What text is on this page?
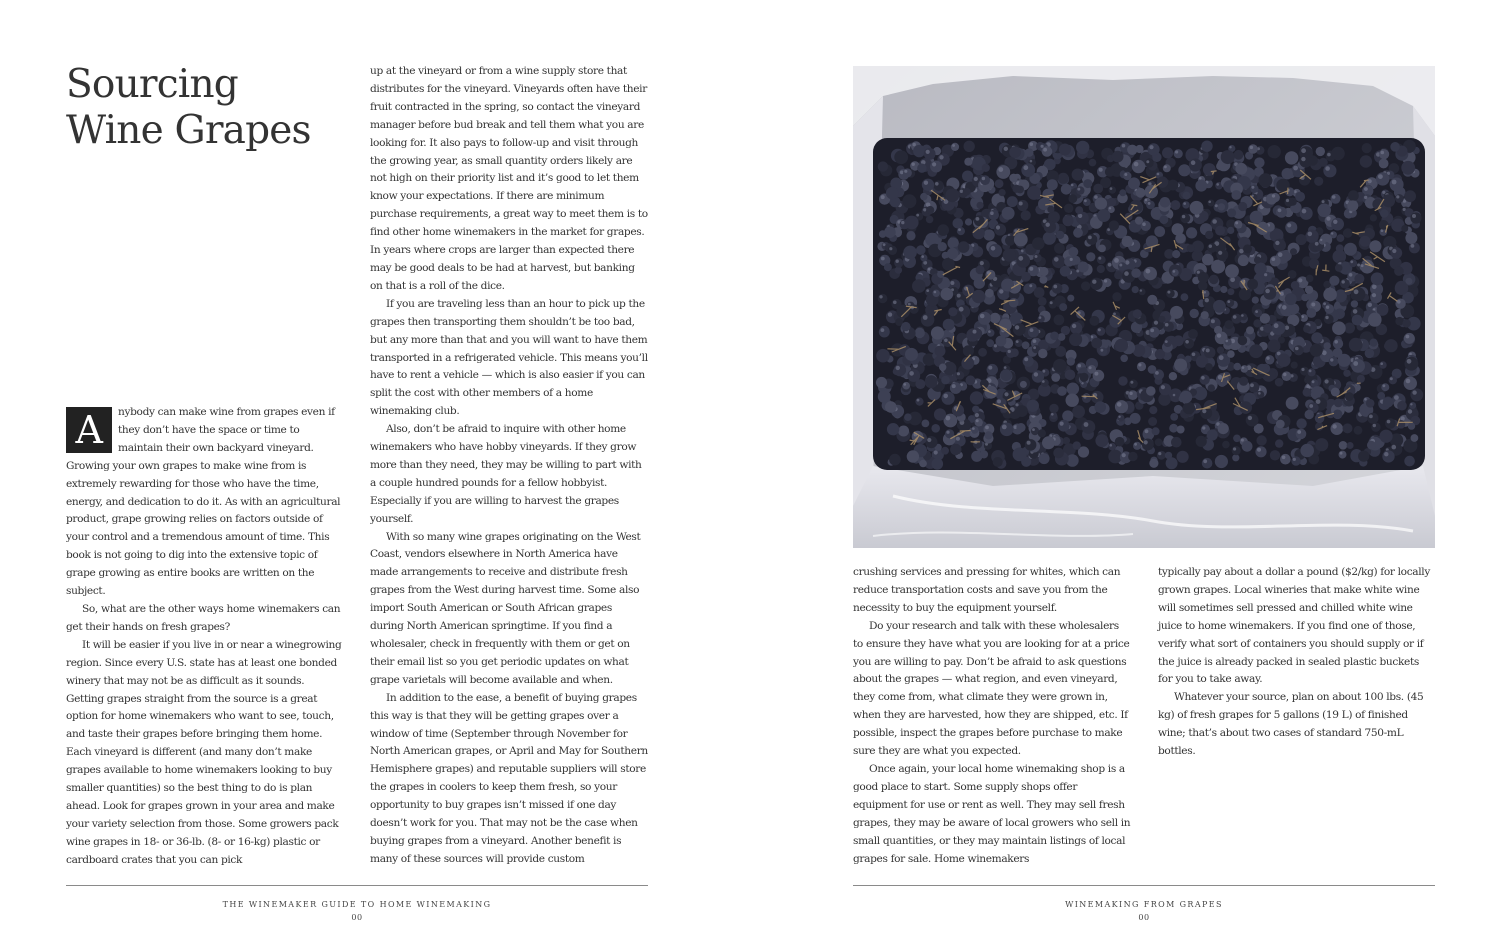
Sourcing
Wine Grapes

A	nybody can make wine from grapes even if they don’t have the space or time to maintain their own backyard vineyard. Growing your own grapes to make wine from is extremely rewarding for those who have the time, energy, and dedication to do it. As with an agricultural product, grape growing relies on factors outside of your control and a tremendous amount of time. This book is not going to dig into the extensive topic of grape growing as entire books are written on the subject.

So, what are the other ways home winemakers can get their hands on fresh grapes?

It will be easier if you live in or near a winegrowing region. Since every U.S. state has at least one bonded winery that may not be as difficult as it sounds. Getting grapes straight from the source is a great option for home winemakers who want to see, touch, and taste their grapes before bringing them home. Each vineyard is different (and many don’t make grapes available to home winemakers looking to buy smaller quantities) so the best thing to do is plan ahead. Look for grapes grown in your area and make your variety selection from those. Some growers pack wine grapes in 18- or 36-lb. (8- or 16-kg) plastic or cardboard crates that you can pick

up at the vineyard or from a wine supply store that distributes for the vineyard. Vineyards often have their fruit contracted in the spring, so contact the vineyard manager before bud break and tell them what you are looking for. It also pays to follow-up and visit through the growing year, as small quantity orders likely are not high on their priority list and it’s good to let them know your expectations. If there are minimum purchase requirements, a great way to meet them is to find other home winemakers in the market for grapes. In years where crops are larger than expected there may be good deals to be had at harvest, but banking on that is a roll of the dice.

If you are traveling less than an hour to pick up the grapes then transporting them shouldn’t be too bad, but any more than that and you will want to have them transported in a refrigerated vehicle. This means you’ll have to rent a vehicle — which is also easier if you can split the cost with other members of a home winemaking club.

Also, don’t be afraid to inquire with other home winemakers who have hobby vineyards. If they grow more than they need, they may be willing to part with a couple hundred pounds for a fellow hobbyist. Especially if you are willing to harvest the grapes yourself.

With so many wine grapes originating on the West Coast, vendors elsewhere in North America have made arrangements to receive and distribute fresh grapes from the West during harvest time. Some also import South American or South African grapes during North American springtime. If you find a wholesaler, check in frequently with them or get on their email list so you get periodic updates on what grape varietals will become available and when.

In addition to the ease, a benefit of buying grapes this way is that they will be getting grapes over a window of time (September through November for North American grapes, or April and May for Southern Hemisphere grapes) and reputable suppliers will store the grapes in coolers to keep them fresh, so your opportunity to buy grapes isn’t missed if one day doesn’t work for you. That may not be the case when buying grapes from a vineyard. Another benefit is many of these sources will provide custom

THE WINEMAKER GUIDE TO HOME WINEMAKING
00

crushing services and pressing for whites, which can reduce transportation costs and save you from the necessity to buy the equipment yourself.

Do your research and talk with these wholesalers to ensure they have what you are looking for at a price you are willing to pay. Don’t be afraid to ask questions about the grapes — what region, and even vineyard, they come from, what climate they were grown in, when they are harvested, how they are shipped, etc. If possible, inspect the grapes before purchase to make sure they are what you expected.

Once again, your local home winemaking shop is a good place to start. Some supply shops offer equipment for use or rent as well. They may sell fresh grapes, they may be aware of local growers who sell in small quantities, or they may maintain listings of local grapes for sale. Home winemakers

typically pay about a dollar a pound ($2/kg) for locally grown grapes. Local wineries that make white wine will sometimes sell pressed and chilled white wine juice to home winemakers. If you find one of those, verify what sort of containers you should supply or if the juice is already packed in sealed plastic buckets for you to take away.

Whatever your source, plan on about 100 lbs. (45 kg) of fresh grapes for 5 gallons (19 L) of finished wine; that’s about two cases of standard 750-mL bottles.

WINEMAKING FROM GRAPES
00
